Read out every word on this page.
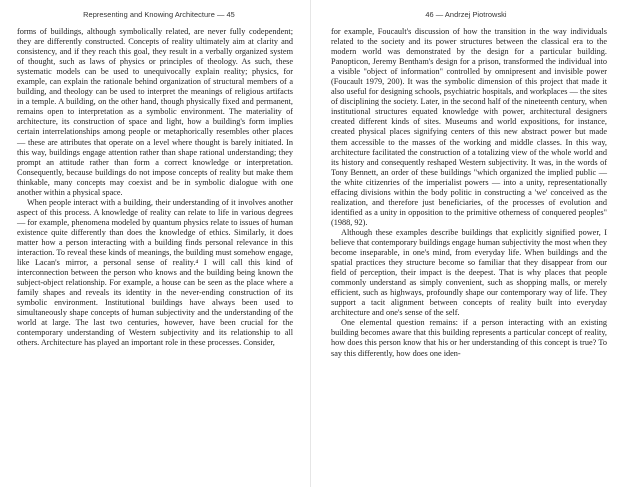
Representing and Knowing Architecture — 45

forms of buildings, although symbolically related, are never fully codependent; they are differently constructed. Concepts of reality ultimately aim at clarity and consistency, and if they reach this goal, they result in a verbally organized system of thought, such as laws of physics or principles of theology. As such, these systematic models can be used to unequivocally explain reality; physics, for example, can explain the rationale behind organization of structural members of a building, and theology can be used to interpret the meanings of religious artifacts in a temple. A building, on the other hand, though physically fixed and permanent, remains open to interpretation as a symbolic environment. The materiality of architecture, its construction of space and light, how a building's form implies certain interrelationships among people or metaphorically resembles other places — these are attributes that operate on a level where thought is barely initiated. In this way, buildings engage attention rather than shape rational understanding; they prompt an attitude rather than form a correct knowledge or interpretation. Consequently, because buildings do not impose concepts of reality but make them thinkable, many concepts may coexist and be in symbolic dialogue with one another within a physical space.

When people interact with a building, their understanding of it involves another aspect of this process. A knowledge of reality can relate to life in various degrees — for example, phenomena modeled by quantum physics relate to issues of human existence quite differently than does the knowledge of ethics. Similarly, it does matter how a person interacting with a building finds personal relevance in this interaction. To reveal these kinds of meanings, the building must somehow engage, like Lacan's mirror, a personal sense of reality.⁴ I will call this kind of interconnection between the person who knows and the building being known the subject-object relationship. For example, a house can be seen as the place where a family shapes and reveals its identity in the never-ending construction of its symbolic environment. Institutional buildings have always been used to simultaneously shape concepts of human subjectivity and the understanding of the world at large. The last two centuries, however, have been crucial for the contemporary understanding of Western subjectivity and its relationship to all others. Architecture has played an important role in these processes. Consider,

46 — Andrzej Piotrowski

for example, Foucault's discussion of how the transition in the way individuals related to the society and its power structures between the classical era to the modern world was demonstrated by the design for a particular building. Panopticon, Jeremy Bentham's design for a prison, transformed the individual into a visible "object of information" controlled by omnipresent and invisible power (Foucault 1979, 200). It was the symbolic dimension of this project that made it also useful for designing schools, psychiatric hospitals, and workplaces — the sites of disciplining the society. Later, in the second half of the nineteenth century, when institutional structures equated knowledge with power, architectural designers created different kinds of sites. Museums and world expositions, for instance, created physical places signifying centers of this new abstract power but made them accessible to the masses of the working and middle classes. In this way, architecture facilitated the construction of a totalizing view of the whole world and its history and consequently reshaped Western subjectivity. It was, in the words of Tony Bennett, an order of these buildings "which organized the implied public — the white citizenries of the imperialist powers — into a unity, representationally effacing divisions within the body politic in constructing a 'we' conceived as the realization, and therefore just beneficiaries, of the processes of evolution and identified as a unity in opposition to the primitive otherness of conquered peoples" (1988, 92).

Although these examples describe buildings that explicitly signified power, I believe that contemporary buildings engage human subjectivity the most when they become inseparable, in one's mind, from everyday life. When buildings and the spatial practices they structure become so familiar that they disappear from our field of perception, their impact is the deepest. That is why places that people commonly understand as simply convenient, such as shopping malls, or merely efficient, such as highways, profoundly shape our contemporary way of life. They support a tacit alignment between concepts of reality built into everyday architecture and one's sense of the self.

One elemental question remains: if a person interacting with an existing building becomes aware that this building represents a particular concept of reality, how does this person know that his or her understanding of this concept is true? To say this differently, how does one iden-
